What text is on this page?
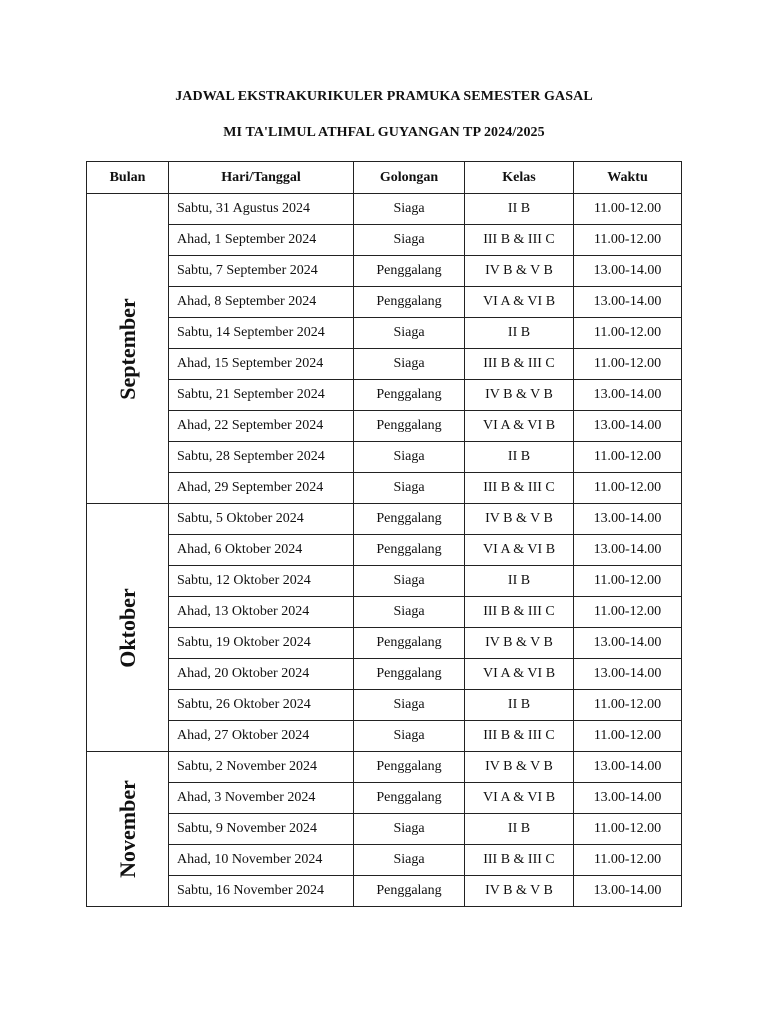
JADWAL EKSTRAKURIKULER PRAMUKA SEMESTER GASAL
MI TA'LIMUL ATHFAL GUYANGAN TP 2024/2025
Bulan	Hari/Tanggal	Golongan	Kelas	Waktu

September	Sabtu, 31 Agustus 2024	Siaga	II B	11.00-12.00
	Ahad, 1 September 2024	Siaga	III B & III C	11.00-12.00
	Sabtu, 7 September 2024	Penggalang	IV B & V B	13.00-14.00
	Ahad, 8 September 2024	Penggalang	VI A & VI B	13.00-14.00
	Sabtu, 14 September 2024	Siaga	II B	11.00-12.00
	Ahad, 15 September 2024	Siaga	III B & III C	11.00-12.00
	Sabtu, 21 September 2024	Penggalang	IV B & V B	13.00-14.00
	Ahad, 22 September 2024	Penggalang	VI A & VI B	13.00-14.00
	Sabtu, 28 September 2024	Siaga	II B	11.00-12.00
	Ahad, 29 September 2024	Siaga	III B & III C	11.00-12.00

Oktober	Sabtu, 5 Oktober 2024	Penggalang	IV B & V B	13.00-14.00
	Ahad, 6 Oktober 2024	Penggalang	VI A & VI B	13.00-14.00
	Sabtu, 12 Oktober 2024	Siaga	II B	11.00-12.00
	Ahad, 13 Oktober 2024	Siaga	III B & III C	11.00-12.00
	Sabtu, 19 Oktober 2024	Penggalang	IV B & V B	13.00-14.00
	Ahad, 20 Oktober 2024	Penggalang	VI A & VI B	13.00-14.00
	Sabtu, 26 Oktober 2024	Siaga	II B	11.00-12.00
	Ahad, 27 Oktober 2024	Siaga	III B & III C	11.00-12.00

November	Sabtu, 2 November 2024	Penggalang	IV B & V B	13.00-14.00
	Ahad, 3 November 2024	Penggalang	VI A & VI B	13.00-14.00
	Sabtu, 9 November 2024	Siaga	II B	11.00-12.00
	Ahad, 10 November 2024	Siaga	III B & III C	11.00-12.00
	Sabtu, 16 November 2024	Penggalang	IV B & V B	13.00-14.00
